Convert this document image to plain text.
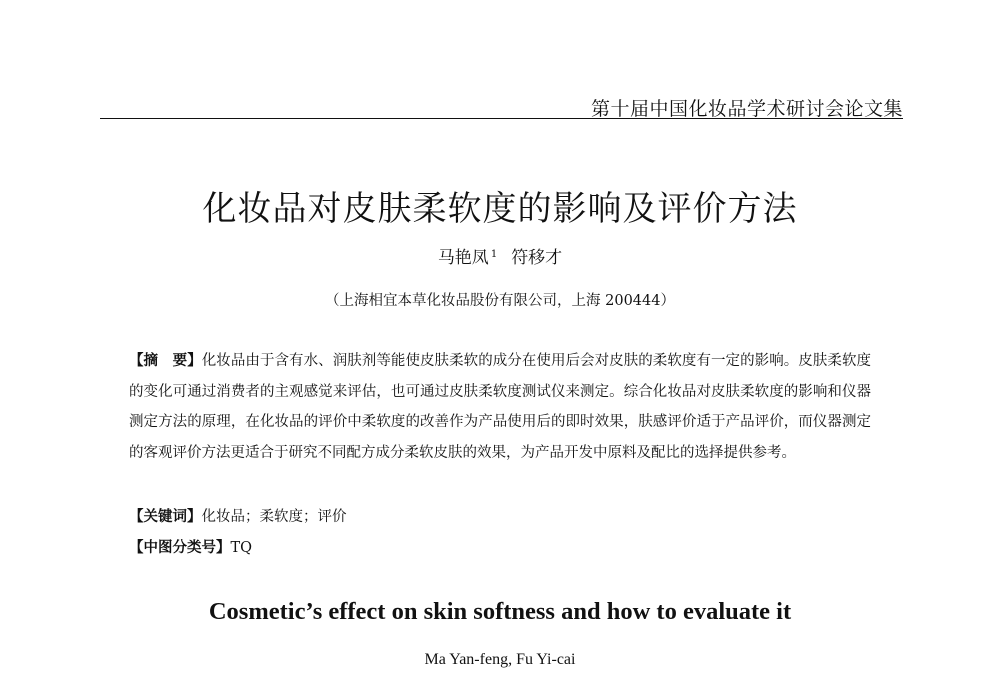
第十届中国化妆品学术研讨会论文集
化妆品对皮肤柔软度的影响及评价方法
马艳凤 $^1$ 符移才
（上海相宜本草化妆品股份有限公司，上海 200444）
【摘　要】化妆品由于含有水、润肤剂等能使皮肤柔软的成分在使用后会对皮肤的柔软度有一定的影响。皮肤柔软度的变化可通过消费者的主观感觉来评估，也可通过皮肤柔软度测试仪来测定。综合化妆品对皮肤柔软度的影响和仪器测定方法的原理，在化妆品的评价中柔软度的改善作为产品使用后的即时效果，肤感评价适于产品评价，而仪器测定的客观评价方法更适合于研究不同配方成分柔软皮肤的效果，为产品开发中原料及配比的选择提供参考。
【关键词】化妆品；柔软度；评价
【中图分类号】TQ
Cosmetic’s effect on skin softness and how to evaluate it
Ma Yan-feng, Fu Yi-cai
